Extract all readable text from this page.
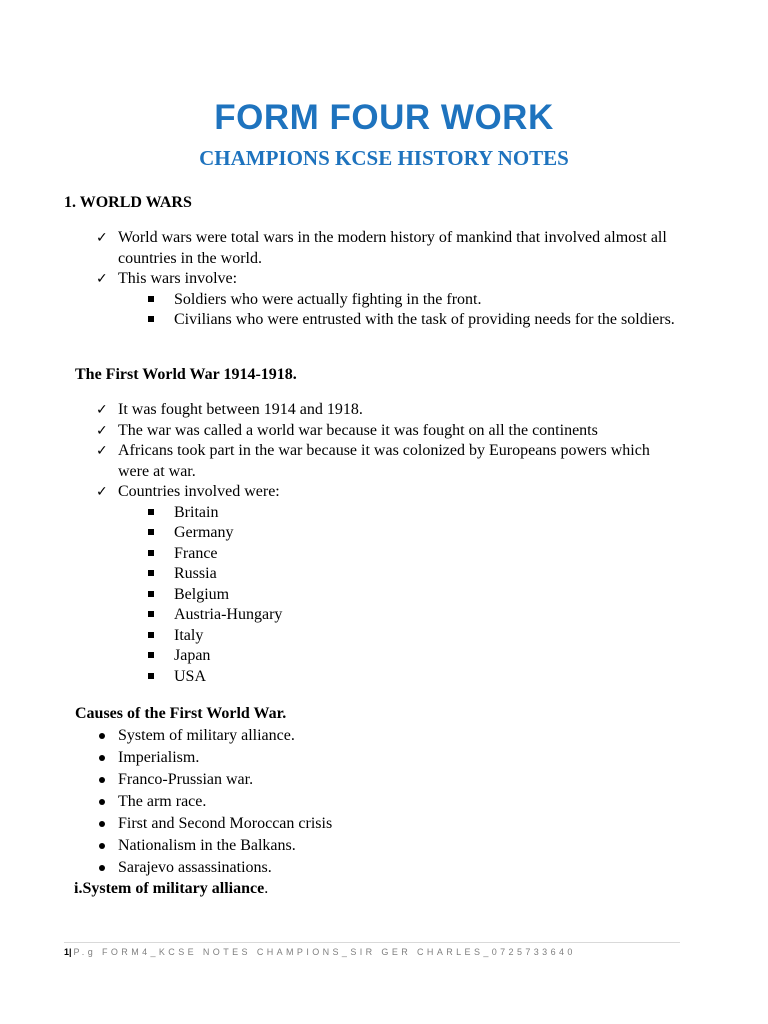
FORM FOUR WORK
CHAMPIONS KCSE HISTORY NOTES
1. WORLD WARS
✓ World wars were total wars in the modern history of mankind that involved almost all countries in the world.
✓ This wars involve:
Soldiers who were actually fighting in the front.
Civilians who were entrusted with the task of providing needs for the soldiers.
The First World War 1914-1918.
✓ It was fought between 1914 and 1918.
✓ The war was called a world war because it was fought on all the continents
✓ Africans took part in the war because it was colonized by Europeans powers which were at war.
✓ Countries involved were:
Britain
Germany
France
Russia
Belgium
Austria-Hungary
Italy
Japan
USA
Causes of the First World War.
System of military alliance.
Imperialism.
Franco-Prussian war.
The arm race.
First and Second Moroccan crisis
Nationalism in the Balkans.
Sarajevo assassinations.
i.System of military alliance.
1|P.g FORM4_KCSE NOTES CHAMPIONS_SIR GER CHARLES_0725733640
